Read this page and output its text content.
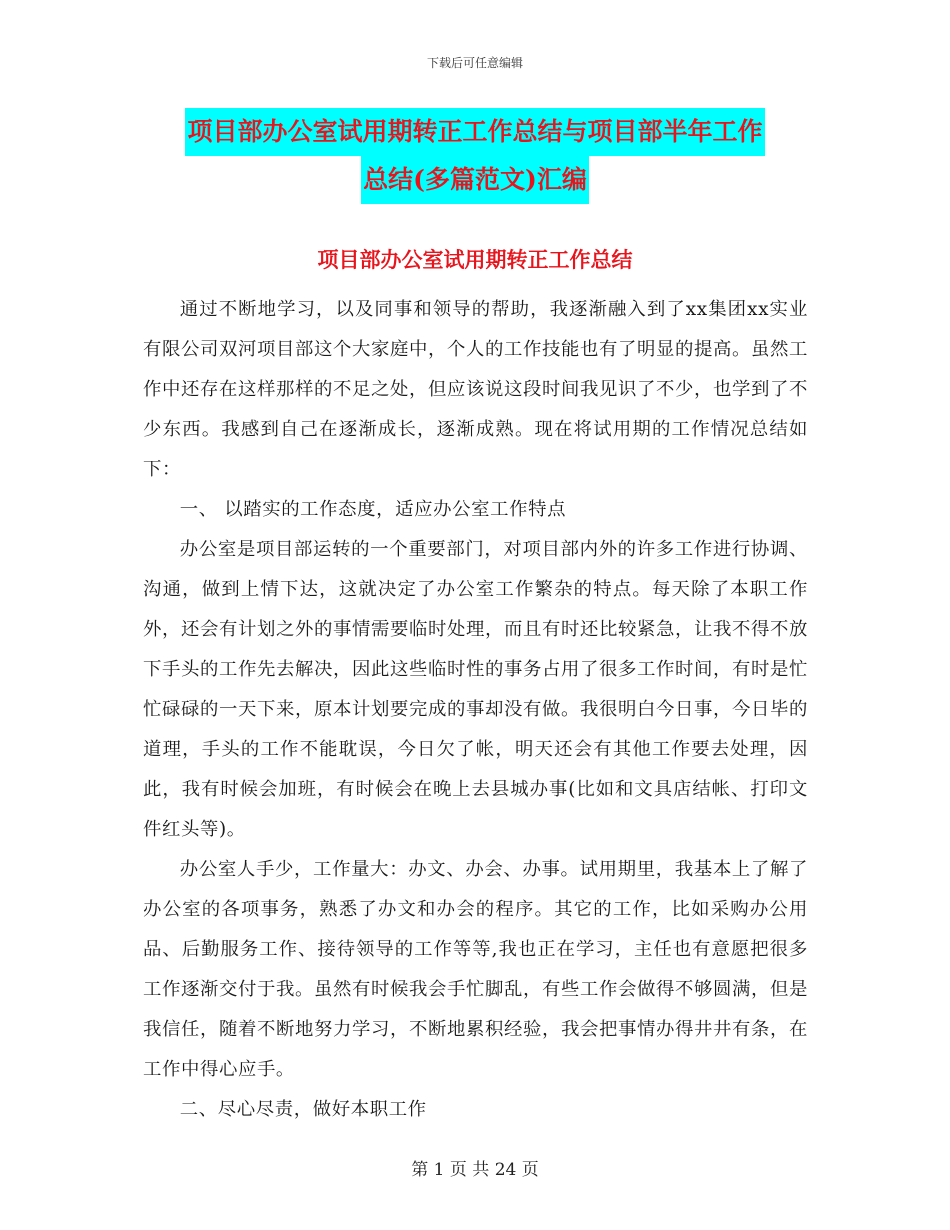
下载后可任意编辑
项目部办公室试用期转正工作总结与项目部半年工作
总结(多篇范文)汇编
项目部办公室试用期转正工作总结

通过不断地学习，以及同事和领导的帮助，我逐渐融入到了xx集团xx实业有限公司双河项目部这个大家庭中，个人的工作技能也有了明显的提高。虽然工作中还存在这样那样的不足之处，但应该说这段时间我见识了不少，也学到了不少东西。我感到自己在逐渐成长，逐渐成熟。现在将试用期的工作情况总结如下：

一、 以踏实的工作态度，适应办公室工作特点

办公室是项目部运转的一个重要部门，对项目部内外的许多工作进行协调、沟通，做到上情下达，这就决定了办公室工作繁杂的特点。每天除了本职工作外，还会有计划之外的事情需要临时处理，而且有时还比较紧急，让我不得不放下手头的工作先去解决，因此这些临时性的事务占用了很多工作时间，有时是忙忙碌碌的一天下来，原本计划要完成的事却没有做。我很明白今日事，今日毕的道理，手头的工作不能耽误，今日欠了帐，明天还会有其他工作要去处理，因此，我有时候会加班，有时候会在晚上去县城办事(比如和文具店结帐、打印文件红头等)。

办公室人手少，工作量大：办文、办会、办事。试用期里，我基本上了解了办公室的各项事务，熟悉了办文和办会的程序。其它的工作，比如采购办公用品、后勤服务工作、接待领导的工作等等,我也正在学习，主任也有意愿把很多工作逐渐交付于我。虽然有时候我会手忙脚乱，有些工作会做得不够圆满，但是我信任，随着不断地努力学习，不断地累积经验，我会把事情办得井井有条，在工作中得心应手。

二、尽心尽责，做好本职工作

第 1 页 共 24 页
